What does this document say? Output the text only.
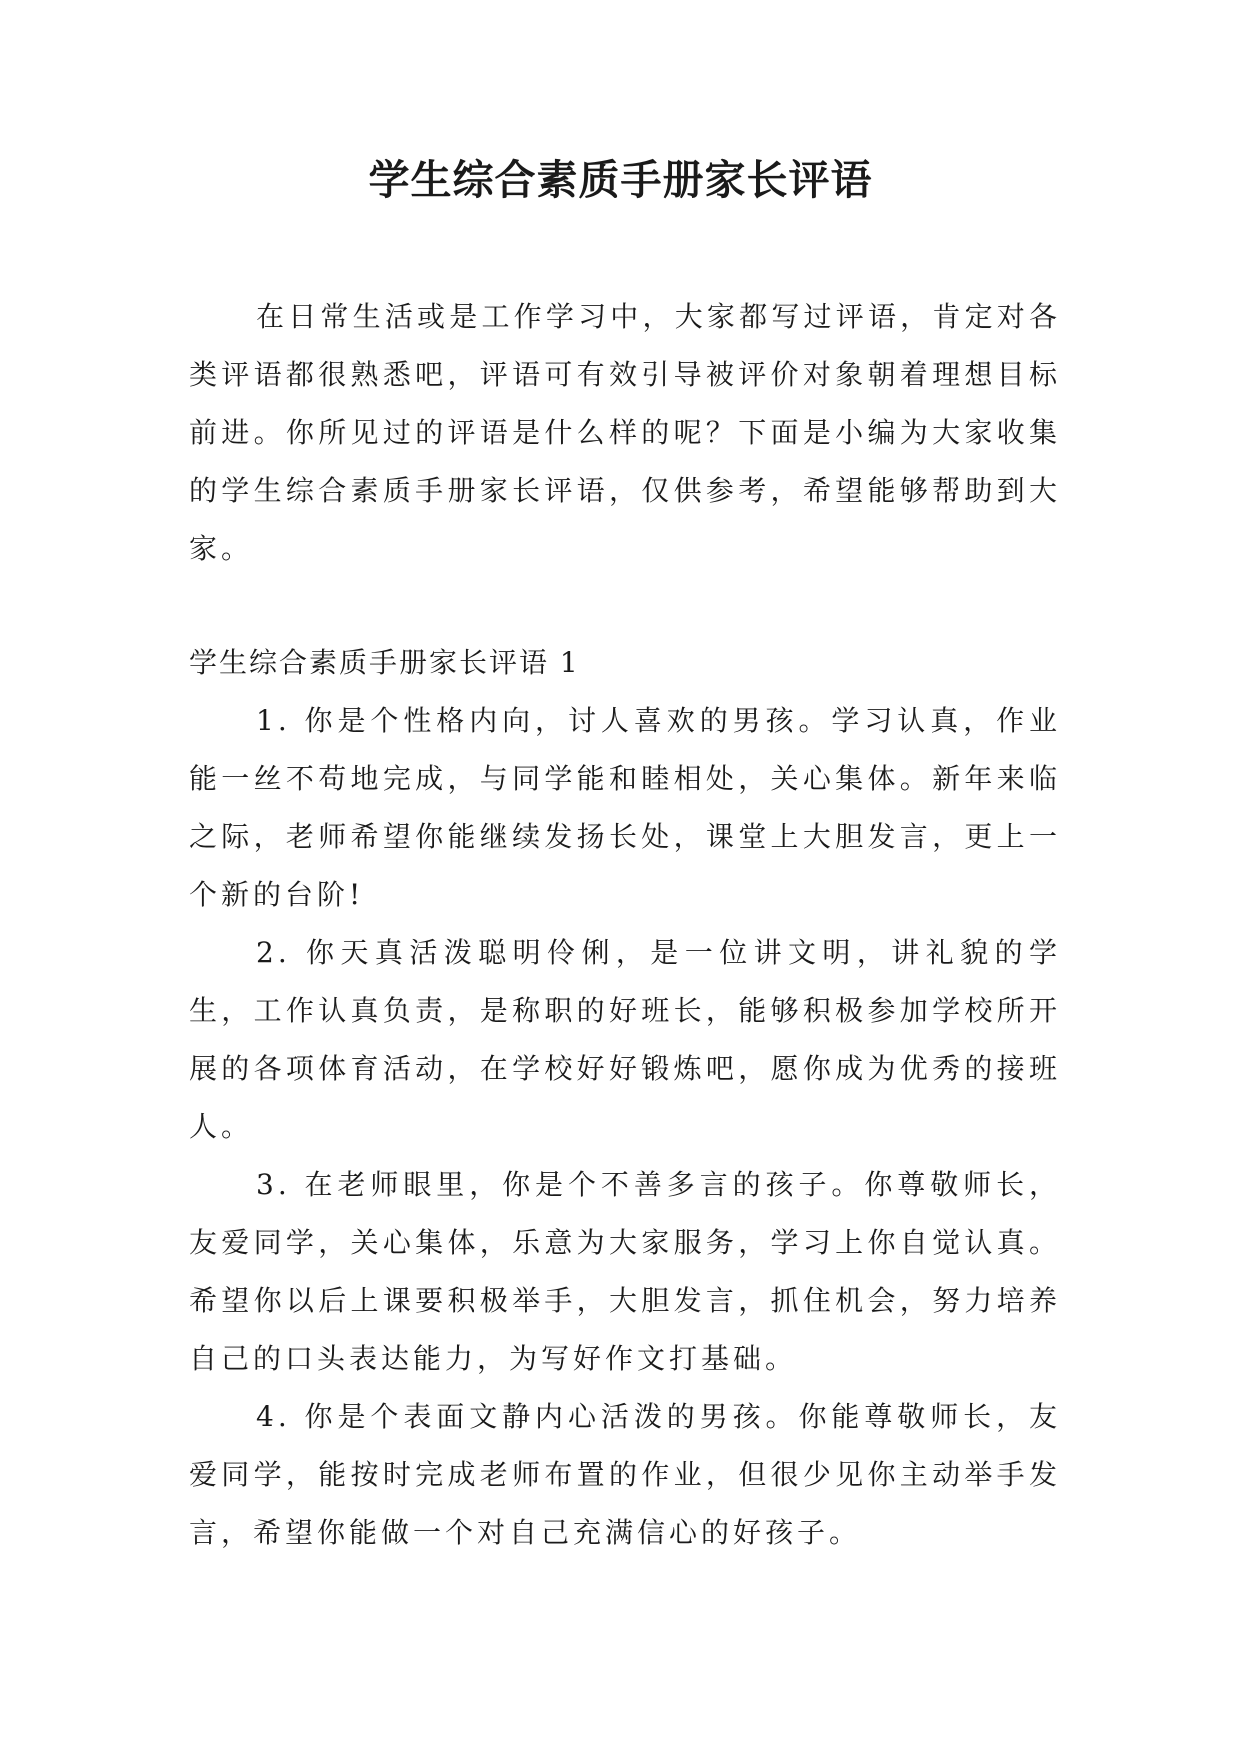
学生综合素质手册家长评语

在日常生活或是工作学习中，大家都写过评语，肯定对各类评语都很熟悉吧，评语可有效引导被评价对象朝着理想目标前进。你所见过的评语是什么样的呢？下面是小编为大家收集的学生综合素质手册家长评语，仅供参考，希望能够帮助到大家。

学生综合素质手册家长评语 1

1. 你是个性格内向，讨人喜欢的男孩。学习认真，作业能一丝不苟地完成，与同学能和睦相处，关心集体。新年来临之际，老师希望你能继续发扬长处，课堂上大胆发言，更上一个新的台阶!

2. 你天真活泼聪明伶俐，是一位讲文明，讲礼貌的学生，工作认真负责，是称职的好班长，能够积极参加学校所开展的各项体育活动，在学校好好锻炼吧，愿你成为优秀的接班人。

3. 在老师眼里，你是个不善多言的孩子。你尊敬师长，友爱同学，关心集体，乐意为大家服务，学习上你自觉认真。希望你以后上课要积极举手，大胆发言，抓住机会，努力培养自己的口头表达能力，为写好作文打基础。

4. 你是个表面文静内心活泼的男孩。你能尊敬师长，友爱同学，能按时完成老师布置的作业，但很少见你主动举手发言，希望你能做一个对自己充满信心的好孩子。
